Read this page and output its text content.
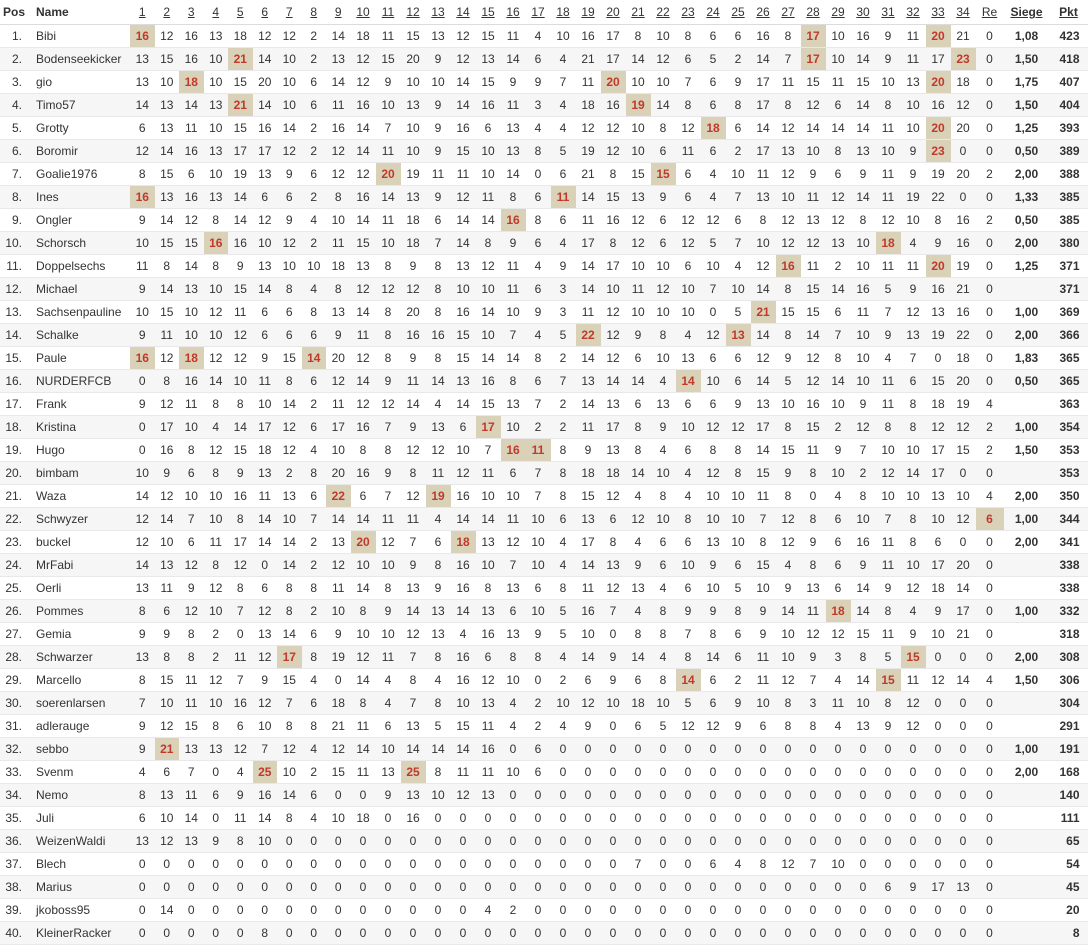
Pos	Name	1	2	3	4	5	6	7	8	9	10	11	12	13	14	15	16	17	18	19	20	21	22	23	24	25	26	27	28	29	30	31	32	33	34	Re	Siege	Pkt
1.	Bibi	16	12	16	13	18	12	12	2	14	18	11	15	13	12	15	11	4	10	16	17	8	10	8	6	6	16	8	17	10	16	9	11	20	21	0	1,08	423
2.	Bodenseekicker	13	15	16	10	21	14	10	2	13	12	15	20	9	12	13	14	6	4	21	17	14	12	6	5	2	14	7	17	10	14	9	11	17	23	0	1,50	418
3.	gio	13	10	18	10	15	20	10	6	14	12	9	10	10	14	15	9	9	7	11	20	10	10	7	6	9	17	11	15	11	15	10	13	20	18	0	1,75	407
4.	Timo57	14	13	14	13	21	14	10	6	11	16	10	13	9	14	16	11	3	4	18	16	19	14	8	6	8	17	8	12	6	14	8	10	16	12	0	1,50	404
5.	Grotty	6	13	11	10	15	16	14	2	16	14	7	10	9	16	6	13	4	4	12	12	10	8	12	18	6	14	12	14	14	14	11	10	20	20	0	1,25	393
6.	Boromir	12	14	16	13	17	17	12	2	12	14	11	10	9	15	10	13	8	5	19	12	10	6	11	6	2	17	13	10	8	13	10	9	23	0	0	0,50	389
7.	Goalie1976	8	15	6	10	19	13	9	6	12	12	20	19	11	11	10	14	0	6	21	8	15	15	6	4	10	11	12	9	6	9	11	9	19	20	2	2,00	388
8.	Ines	16	13	16	13	14	6	6	2	8	16	14	13	9	12	11	8	6	11	14	15	13	9	6	4	7	13	10	11	12	14	11	19	22	0	0	1,33	385
9.	Ongler	9	14	12	8	14	12	9	4	10	14	11	18	6	14	14	16	8	6	11	16	12	6	12	12	6	8	12	13	12	8	12	10	8	16	2	0,50	385
10.	Schorsch	10	15	15	16	16	10	12	2	11	15	10	18	7	14	8	9	6	4	17	8	12	6	12	5	7	10	12	12	13	10	18	4	9	16	0	2,00	380
11.	Doppelsechs	11	8	14	8	9	13	10	10	18	13	8	9	8	13	12	11	4	9	14	17	10	10	6	10	4	12	16	11	2	10	11	11	20	19	0	1,25	371
12.	Michael	9	14	13	10	15	14	8	4	8	12	12	12	8	10	10	11	6	3	14	10	11	12	10	7	10	14	8	15	14	16	5	9	16	21	0		371
13.	Sachsenpauline	10	15	10	12	11	6	6	8	13	14	8	20	8	16	14	10	9	3	11	12	10	10	10	0	5	21	15	15	6	11	7	12	13	16	0	1,00	369
14.	Schalke	9	11	10	10	12	6	6	6	9	11	8	16	16	15	10	7	4	5	22	12	9	8	4	12	13	14	8	14	7	10	9	13	19	22	0	2,00	366
15.	Paule	16	12	18	12	12	9	15	14	20	12	8	9	8	15	14	14	8	2	14	12	6	10	13	6	6	12	9	12	8	10	4	7	0	18	0	1,83	365
16.	NURDERFCB	0	8	16	14	10	11	8	6	12	14	9	11	14	13	16	8	6	7	13	14	14	4	14	10	6	14	5	12	14	10	11	6	15	20	0	0,50	365
17.	Frank	9	12	11	8	8	10	14	2	11	12	12	14	4	14	15	13	7	2	14	13	6	13	6	6	9	13	10	16	10	9	11	8	18	19	4		363
18.	Kristina	0	17	10	4	14	17	12	6	17	16	7	9	13	6	17	10	2	2	11	17	8	9	10	12	12	17	8	15	2	12	8	8	12	12	2	1,00	354
19.	Hugo	0	16	8	12	15	18	12	4	10	8	8	12	12	10	7	16	11	8	9	13	8	4	6	8	8	14	15	11	9	7	10	10	17	15	2	1,50	353
20.	bimbam	10	9	6	8	9	13	2	8	20	16	9	8	11	12	11	6	7	8	18	18	14	10	4	12	8	15	9	8	10	2	12	14	17	0	0		353
21.	Waza	14	12	10	10	16	11	13	6	22	6	7	12	19	16	10	10	7	8	15	12	4	8	4	10	10	11	8	0	4	8	10	10	13	10	4	2,00	350
22.	Schwyzer	12	14	7	10	8	14	10	7	14	14	11	11	4	14	14	11	10	6	13	6	12	10	8	10	10	7	12	8	6	10	7	8	10	12	6	1,00	344
23.	buckel	12	10	6	11	17	14	14	2	13	20	12	7	6	18	13	12	10	4	17	8	4	6	6	13	10	8	12	9	6	16	11	8	6	0	0	2,00	341
24.	MrFabi	14	13	12	8	12	0	14	2	12	10	10	9	8	16	10	7	10	4	14	13	9	6	10	9	6	15	4	8	6	9	11	10	17	20	0		338
25.	Oerli	13	11	9	12	8	6	8	8	11	14	8	13	9	16	8	13	6	8	11	12	13	4	6	10	5	10	9	13	6	14	9	12	18	14	0		338
26.	Pommes	8	6	12	10	7	12	8	2	10	8	9	14	13	14	13	6	10	5	16	7	4	8	9	9	8	9	14	11	18	14	8	4	9	17	0	1,00	332
27.	Gemia	9	9	8	2	0	13	14	6	9	10	10	12	13	4	16	13	9	5	10	0	8	8	7	8	6	9	10	12	12	15	11	9	10	21	0		318
28.	Schwarzer	13	8	8	2	11	12	17	8	19	12	11	7	8	16	6	8	8	4	14	9	14	4	8	14	6	11	10	9	3	8	5	15	0	0	0	2,00	308
29.	Marcello	8	15	11	12	7	9	15	4	0	14	4	8	4	16	12	10	0	2	6	9	6	8	14	6	2	11	12	7	4	14	15	11	12	14	4	1,50	306
30.	soerenlarsen	7	10	11	10	16	12	7	6	18	8	4	7	8	10	13	4	2	10	12	10	18	10	5	6	9	10	8	3	11	10	8	12	0	0	0		304
31.	adlerauge	9	12	15	8	6	10	8	8	21	11	6	13	5	15	11	4	2	4	9	0	6	5	12	12	9	6	8	8	4	13	9	12	0	0	0		291
32.	sebbo	9	21	13	13	12	7	12	4	12	14	10	14	14	14	16	0	6	0	0	0	0	0	0	0	0	0	0	0	0	0	0	0	0	0	0	1,00	191
33.	Svenm	4	6	7	0	4	25	10	2	15	11	13	25	8	11	11	10	6	0	0	0	0	0	0	0	0	0	0	0	0	0	0	0	0	0	0	2,00	168
34.	Nemo	8	13	11	6	9	16	14	6	0	0	9	13	10	12	13	0	0	0	0	0	0	0	0	0	0	0	0	0	0	0	0	0	0	0	0		140
35.	Juli	6	10	14	0	11	14	8	4	10	18	0	16	0	0	0	0	0	0	0	0	0	0	0	0	0	0	0	0	0	0	0	0	0	0	0		111
36.	WeizenWaldi	13	12	13	9	8	10	0	0	0	0	0	0	0	0	0	0	0	0	0	0	0	0	0	0	0	0	0	0	0	0	0	0	0	0	0		65
37.	Blech	0	0	0	0	0	0	0	0	0	0	0	0	0	0	0	0	0	0	0	0	7	0	0	6	4	8	12	7	10	0	0	0	0	0	0		54
38.	Marius	0	0	0	0	0	0	0	0	0	0	0	0	0	0	0	0	0	0	0	0	0	0	0	0	0	0	0	0	0	0	6	9	17	13	0		45
39.	jkoboss95	0	14	0	0	0	0	0	0	0	0	0	0	0	0	4	2	0	0	0	0	0	0	0	0	0	0	0	0	0	0	0	0	0	0	0		20
40.	KleinerRacker	0	0	0	0	0	8	0	0	0	0	0	0	0	0	0	0	0	0	0	0	0	0	0	0	0	0	0	0	0	0	0	0	0	0	0		8
